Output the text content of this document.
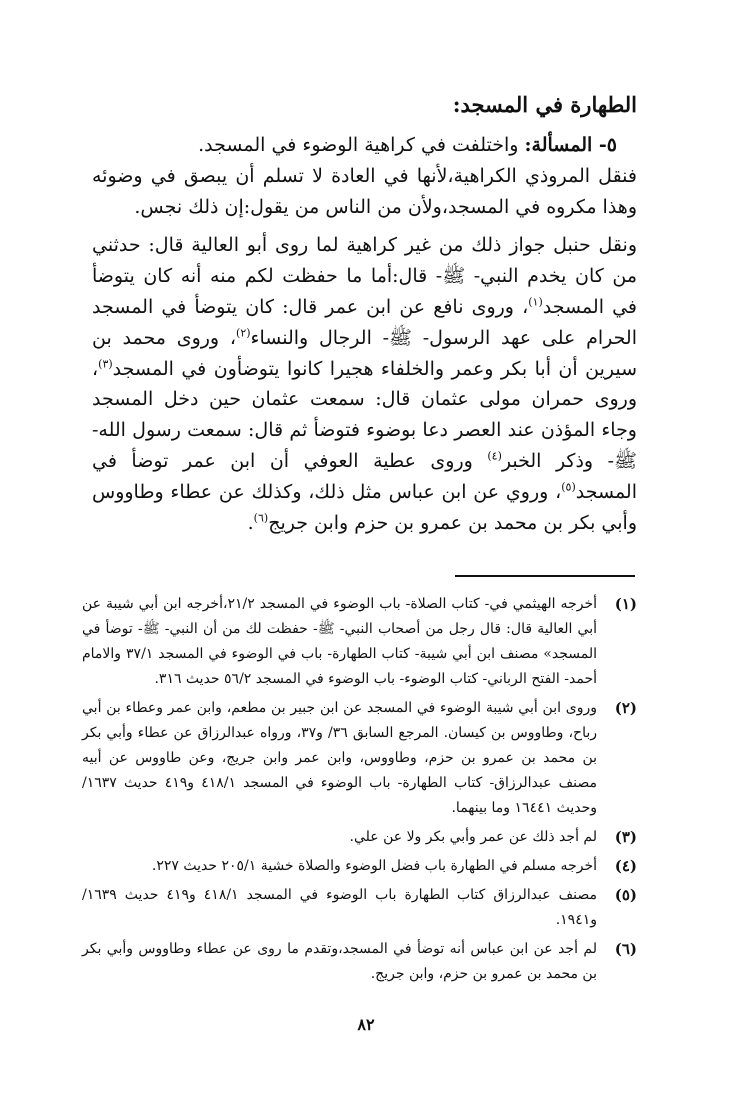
الطهارة في المسجد:

٥- المسألة: واختلفت في كراهية الوضوء في المسجد.

فنقل المروذي الكراهية،لأنها في العادة لا تسلم أن يبصق في وضوئه وهذا مكروه في المسجد،ولأن من الناس من يقول:إن ذلك نجس.

ونقل حنبل جواز ذلك من غير كراهية لما روى أبو العالية قال: حدثني من كان يخدم النبي- ﷺ- قال:أما ما حفظت لكم منه أنه كان يتوضأ في المسجد$^{(١)}$، وروى نافع عن ابن عمر قال: كان يتوضأ في المسجد الحرام على عهد الرسول- ﷺ- الرجال والنساء$^{(٢)}$، وروى محمد بن سيرين أن أبا بكر وعمر والخلفاء هجيرا كانوا يتوضأون في المسجد$^{(٣)}$، وروى حمران مولى عثمان قال: سمعت عثمان حين دخل المسجد وجاء المؤذن عند العصر دعا بوضوء فتوضأ ثم قال: سمعت رسول الله- ﷺ- وذكر الخبر$^{(٤)}$ وروى عطية العوفي أن ابن عمر توضأ في المسجد$^{(٥)}$، وروي عن ابن عباس مثل ذلك، وكذلك عن عطاء وطاووس وأبي بكر بن محمد بن عمرو بن حزم وابن جريج$^{(٦)}$.

(١)
أخرجه الهيثمي في- كتاب الصلاة- باب الوضوء في المسجد ٢١/٢،أخرجه ابن أبي شيبة عن أبي العالية قال: قال رجل من أصحاب النبي- ﷺ- حفظت لك من أن النبي- ﷺ- توضأ في المسجد» مصنف ابن أبي شيبة- كتاب الطهارة- باب في الوضوء في المسجد ٣٧/١ والامام أحمد- الفتح الرباني- كتاب الوضوء- باب الوضوء في المسجد ٥٦/٢ حديث ٣١٦.
(٢)
وروى ابن أبي شيبة الوضوء في المسجد عن ابن جبير بن مطعم، وابن عمر وعطاء بن أبي رباح، وطاووس بن كيسان. المرجع السابق ٣٦/ و٣٧، ورواه عبدالرزاق عن عطاء وأبي بكر بن محمد بن عمرو بن حزم، وطاووس، وابن عمر وابن جريج، وعن طاووس عن أبيه مصنف عبدالرزاق- كتاب الطهارة- باب الوضوء في المسجد ٤١٨/١ و٤١٩ حديث ١٦٣٧/ وحديث ١٦٤٤١ وما بينهما.
(٣)
لم أجد ذلك عن عمر وأبي بكر ولا عن علي.
(٤)
أخرجه مسلم في الطهارة باب فضل الوضوء والصلاة خشية ٢٠٥/١ حديث ٢٢٧.
(٥)
مصنف عبدالرزاق كتاب الطهارة باب الوضوء في المسجد ٤١٨/١ و٤١٩ حديث ١٦٣٩/ و١٩٤١.
(٦)
لم أجد عن ابن عباس أنه توضأ في المسجد،وتقدم ما روى عن عطاء وطاووس وأبي بكر بن محمد بن عمرو بن حزم، وابن جريج.
٨٢
